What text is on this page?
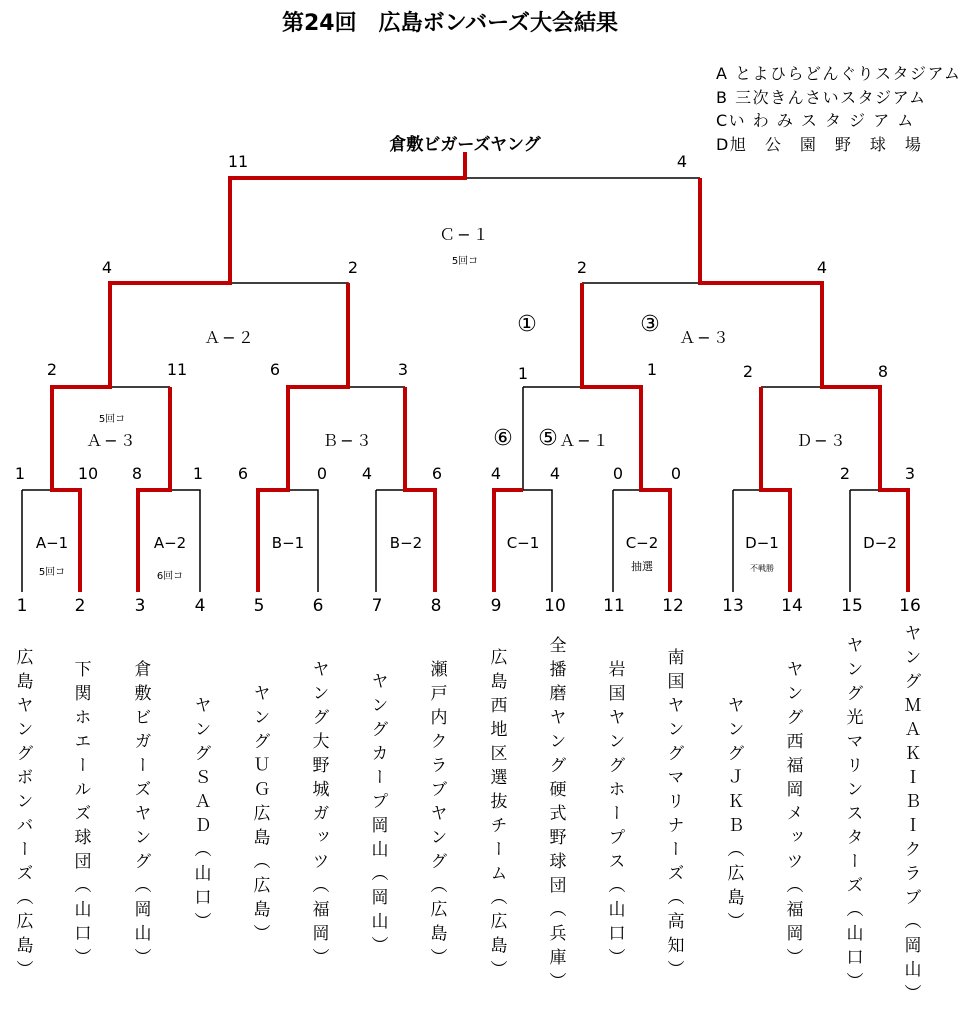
第24回　広島ボンバーズ大会結果
A とよひらどんぐりスタジアム
B 三次きんさいスタジアム
Cい わ み ス タ ジ ア ム
D旭　公　園　野　球　場
倉敷ビガーズヤング
11	4
Ｃ−１
5回コ
4	2
Ａ−２
2	4
Ａ−３
2	11
5回コ
Ａ−３
6	3
Ｂ−３
1	1
Ａ−１
2	8
Ｄ−３
①	③
⑥ ⑤
1	10	8	1	6	0	4	6	4	4	0	0	2	3
A−1
5回コ
A−2
6回コ
B−1	B−2	C−1	C−2
抽選
D−1
不戦勝
D−2
1
広島ヤングボンバーズ（広島）
2
下関ホエールズ球団（山口）
3
倉敷ビガーズヤング（岡山）
4
ヤングＳＡＤ（山口）
5
ヤングＵＧ広島（広島）
6
ヤング大野城ガッツ（福岡）
7
ヤングカープ岡山（岡山）
8
瀬戸内クラブヤング（広島）
9
広島西地区選抜チーム（広島）
10
全播磨ヤング硬式野球団（兵庫）
11
岩国ヤングホープス（山口）
12
南国ヤングマリナーズ（高知）
13
ヤングＪＫＢ（広島）
14
ヤング西福岡メッツ（福岡）
15
ヤング光マリンスターズ（山口）
16
ヤングＭＡＫＩＢＩクラブ（岡山）
